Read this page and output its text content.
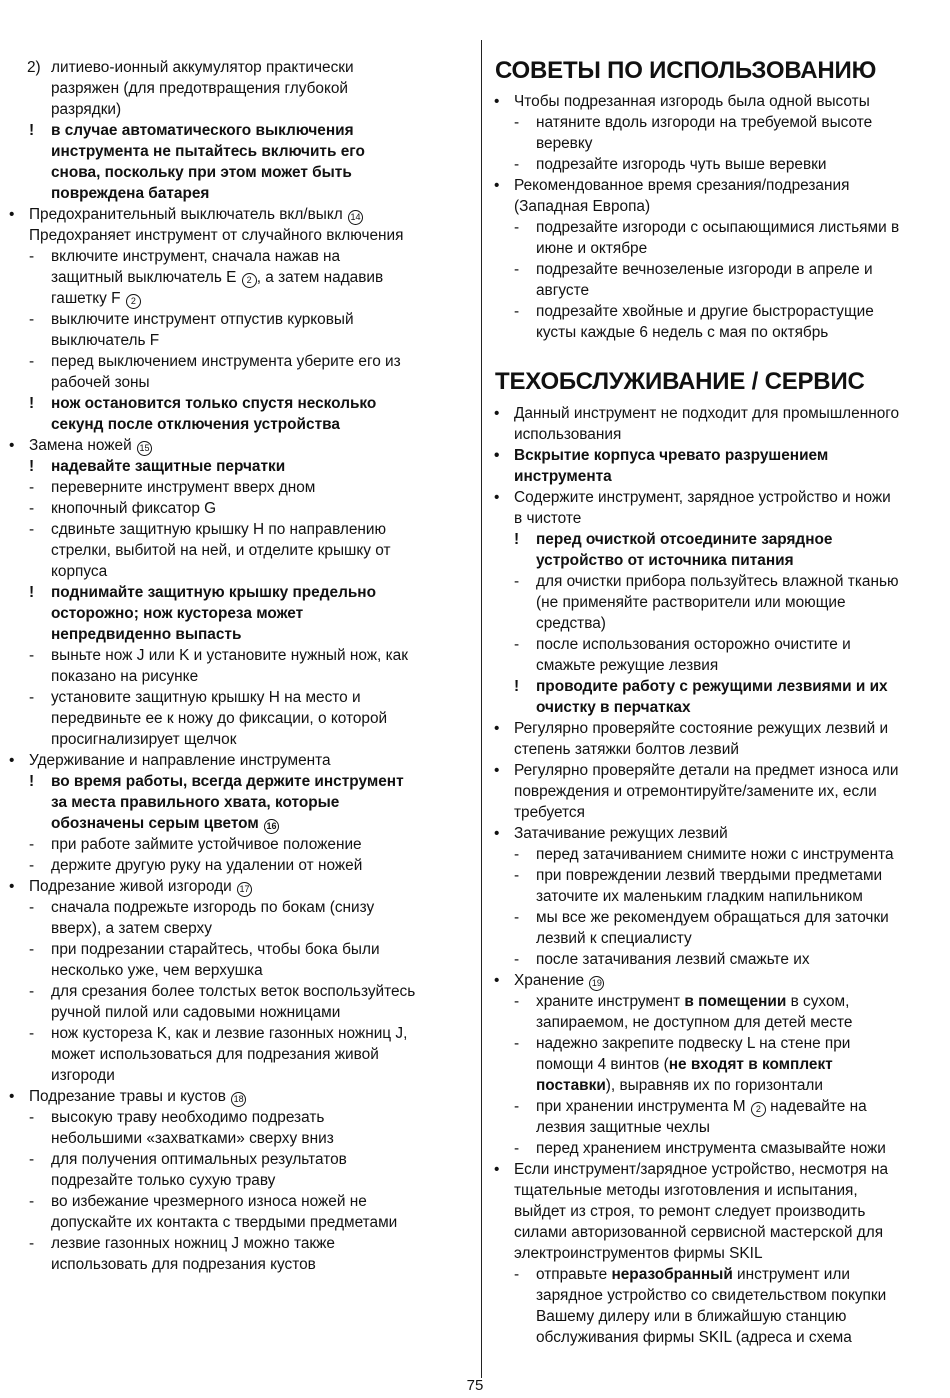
2) литиево-ионный аккумулятор практически
разряжен (для предотвращения глубокой
разрядки)
! в случае автоматического выключения
инструмента не пытайтесь включить его
снова, поскольку при этом может быть
повреждена батарея
• Предохранительный выключатель вкл/выкл 14
Предохраняет инструмент от случайного включения
- включите инструмент, сначала нажав на
защитный выключатель E 2 , а затем надавив
гашетку F 2
- выключите инструмент отпустив курковый
выключатель F
- перед выключением инструмента уберите его из
рабочей зоны
! нож остановится только спустя несколько
секунд после отключения устройства
• Замена ножей 15
! надевайте защитные перчатки
- переверните инструмент вверх дном
- кнопочный фиксатор G
- сдвиньте защитную крышку H по направлению
стрелки, выбитой на ней, и отделите крышку от
корпуса
! поднимайте защитную крышку предельно
осторожно; нож кустореза может
непредвиденно выпасть
- выньте нож J или K и установите нужный нож, как
показано на рисунке
- установите защитную крышку H на место и
передвиньте ее к ножу до фиксации, о которой
просигнализирует щелчок
• Удерживание и направление инструмента
! во время работы, всегда держите инструмент
за места правильного хвата, которые
обозначены серым цветом 16
- при работе займите устойчивое положение
- держите другую руку на удалении от ножей
• Подрезание живой изгороди 17
- сначала подрежьте изгородь по бокам (снизу
вверх), а затем сверху
- при подрезании старайтесь, чтобы бока были
несколько уже, чем верхушка
- для срезания более толстых веток воспользуйтесь
ручной пилой или садовыми ножницами
- нож кустореза K, как и лезвие газонных ножниц J,
может использоваться для подрезания живой
изгороди
• Подрезание травы и кустов 18
- высокую траву необходимо подрезать
небольшими «захватками» сверху вниз
- для получения оптимальных результатов
подрезайте только сухую траву
- во избежание чрезмерного износа ножей не
допускайте их контакта с твердыми предметами
- лезвие газонных ножниц J можно также
использовать для подрезания кустов
СОВЕТЫ ПО ИСПОЛЬЗОВАНИЮ
• Чтобы подрезанная изгородь была одной высоты
- натяните вдоль изгороди на требуемой высоте
веревку
- подрезайте изгородь чуть выше веревки
• Рекомендованное время срезания/подрезания
(Западная Европа)
- подрезайте изгороди с осыпающимися листьями в
июне и октябре
- подрезайте вечнозеленые изгороди в апреле и
августе
- подрезайте хвойные и другие быстрорастущие
кусты каждые 6 недель с мая по октябрь
ТЕХОБСЛУЖИВАНИЕ / СЕРВИС
• Данный инструмент не подходит для промышленного
использования
• Вскрытие корпуса чревато разрушением
инструмента
• Содержите инструмент, зарядное устройство и ножи
в чистоте
! перед очисткой отсоедините зарядное
устройство от источника питания
- для очистки прибора пользуйтесь влажной тканью
(не применяйте растворители или моющие
средства)
- после использования осторожно очистите и
смажьте режущие лезвия
! проводите работу с режущими лезвиями и их
очистку в перчатках
• Регулярно проверяйте состояние режущих лезвий и
степень затяжки болтов лезвий
• Регулярно проверяйте детали на предмет износа или
повреждения и отремонтируйте/замените их, если
требуется
• Затачивание режущих лезвий
- перед затачиванием снимите ножи с инструмента
- при повреждении лезвий твердыми предметами
заточите их маленьким гладким напильником
- мы все же рекомендуем обращаться для заточки
лезвий к специалисту
- после затачивания лезвий смажьте их
• Хранение 19
- храните инструмент в помещении в сухом,
запираемом, не доступном для детей месте
- надежно закрепите подвеску L на стене при
помощи 4 винтов (не входят в комплект
поставки), выравняв их по горизонтали
- при хранении инструмента M 2 надевайте на
лезвия защитные чехлы
- перед хранением инструмента смазывайте ножи
• Если инструмент/зарядное устройство, несмотря на
тщательные методы изготовления и испытания,
выйдет из строя, то ремонт следует производить
силами авторизованной сервисной мастерской для
электроинструментов фирмы SKIL
- отправьте неразобранный инструмент или
зарядное устройство со свидетельством покупки
Вашему дилеру или в ближайшую станцию
обслуживания фирмы SKIL (адреса и схема
75
